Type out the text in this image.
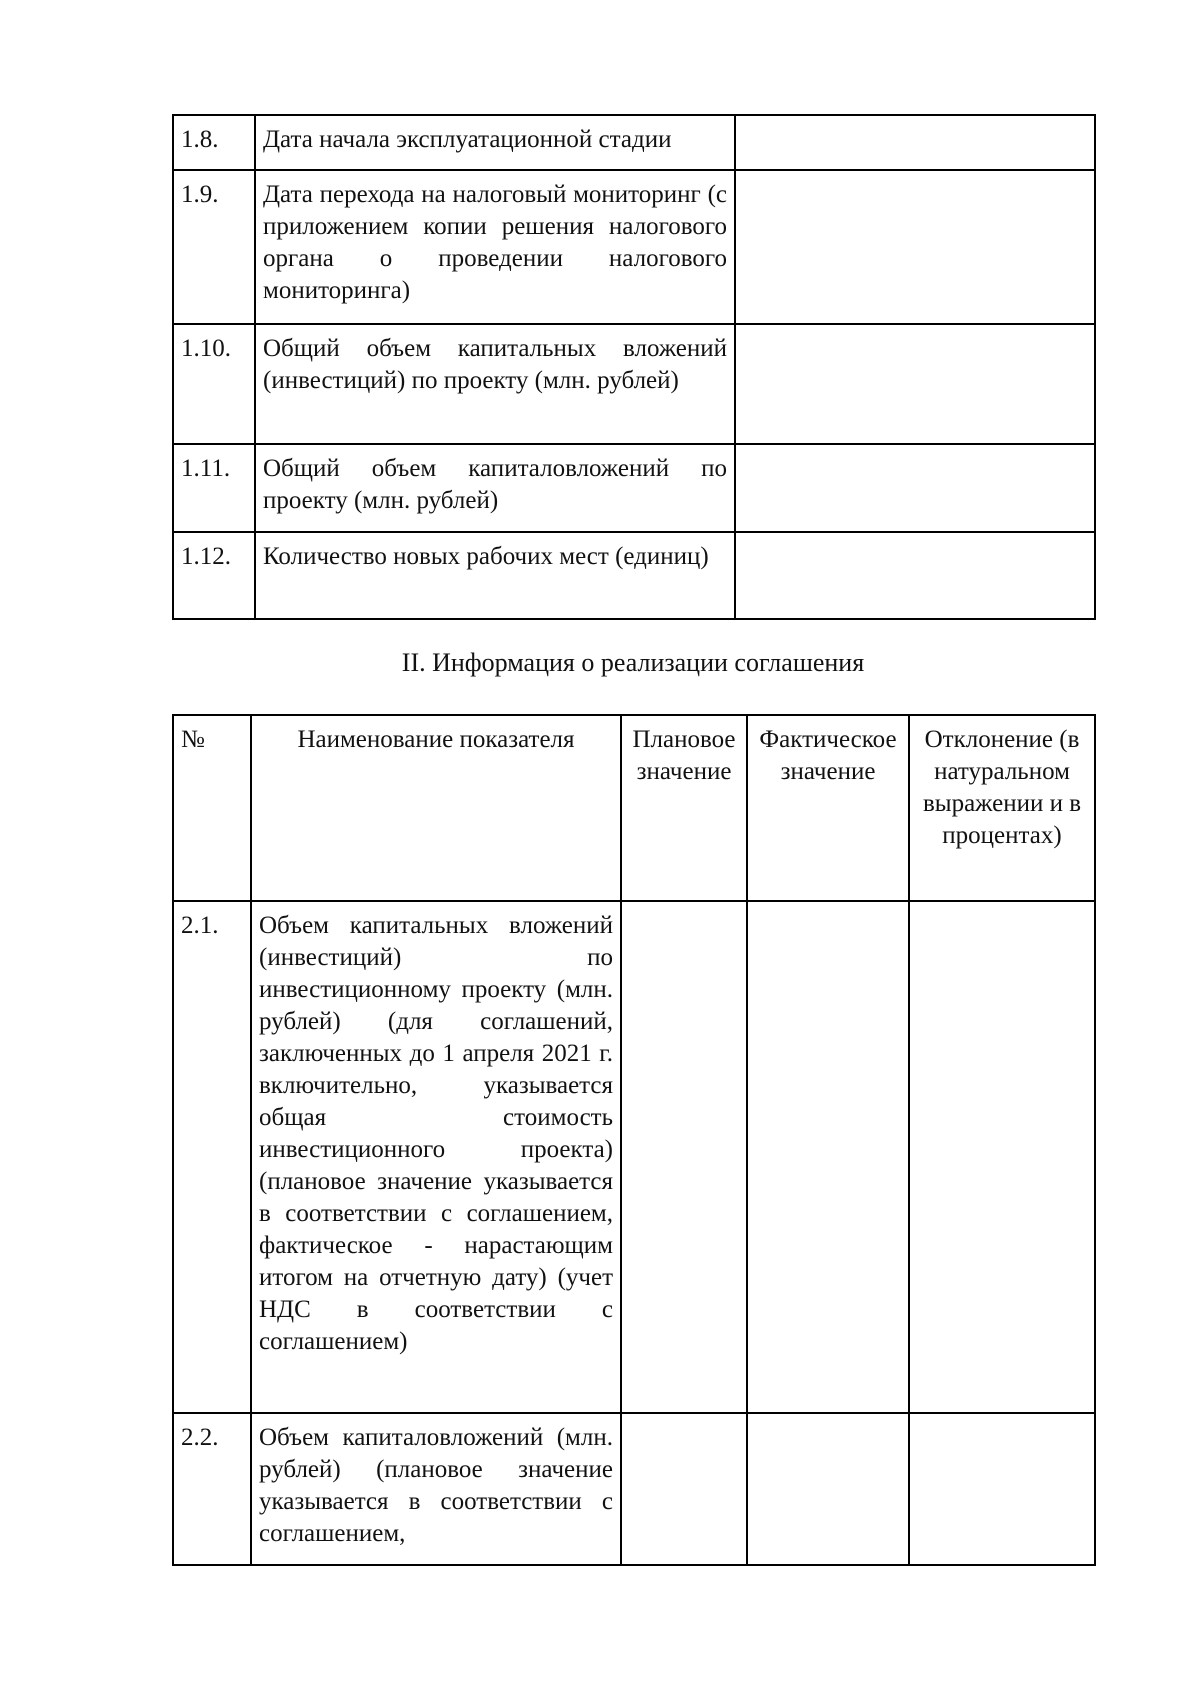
1.8.	Дата начала эксплуатационной стадии	
1.9.	Дата перехода на налоговый мониторинг (с приложением копии решения налогового органа о проведении налогового мониторинга)	
1.10.	Общий объем капитальных вложений (инвестиций) по проекту (млн. рублей)	
1.11.	Общий объем капиталовложений по проекту (млн. рублей)	
1.12.	Количество новых рабочих мест (единиц)	
II. Информация о реализации соглашения
№	Наименование показателя	Плановое значение	Фактическое значение	Отклонение (в натуральном выражении и в процентах)
2.1.	Объем капитальных вложений (инвестиций) по инвестиционному проекту (млн. рублей) (для соглашений, заключенных до 1 апреля 2021 г. включительно, указывается общая стоимость инвестиционного проекта) (плановое значение указывается в соответствии с соглашением, фактическое - нарастающим итогом на отчетную дату) (учет НДС в соответствии с соглашением)			
2.2.	Объем капиталовложений (млн. рублей) (плановое значение указывается в соответствии с соглашением,			
